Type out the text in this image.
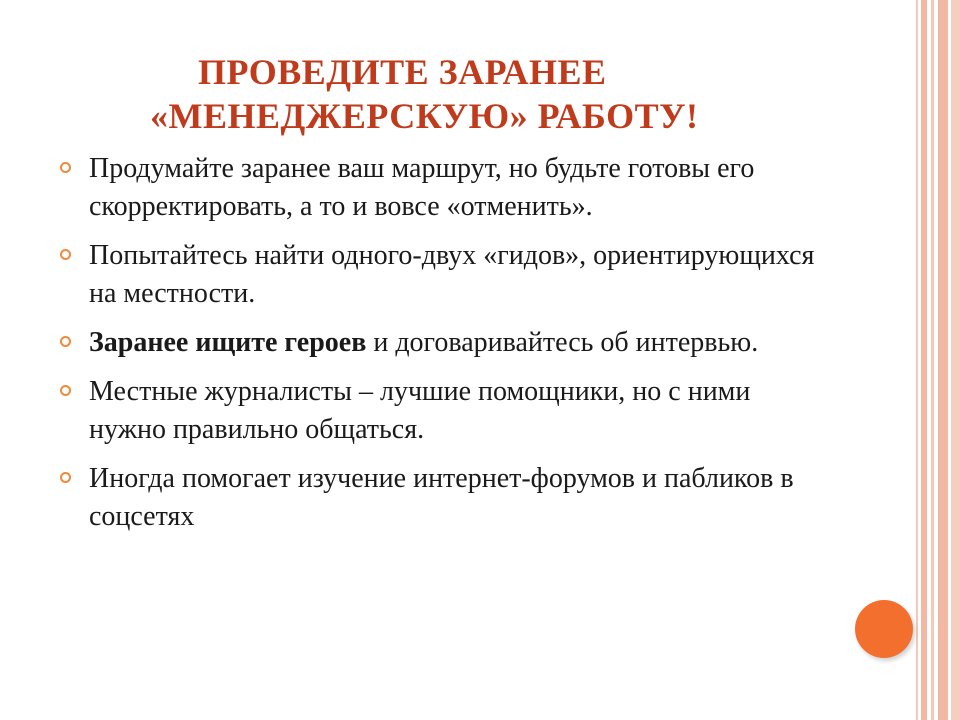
ПРОВЕДИТЕ ЗАРАНЕЕ
«МЕНЕДЖЕРСКУЮ» РАБОТУ!
Продумайте заранее ваш маршрут, но будьте готовы его скорректировать, а то и вовсе «отменить».
Попытайтесь найти одного-двух «гидов», ориентирующихся на местности.
Заранее ищите героев и договаривайтесь об интервью.
Местные журналисты – лучшие помощники, но с ними нужно правильно общаться.
Иногда помогает изучение интернет-форумов и пабликов в соцсетях
